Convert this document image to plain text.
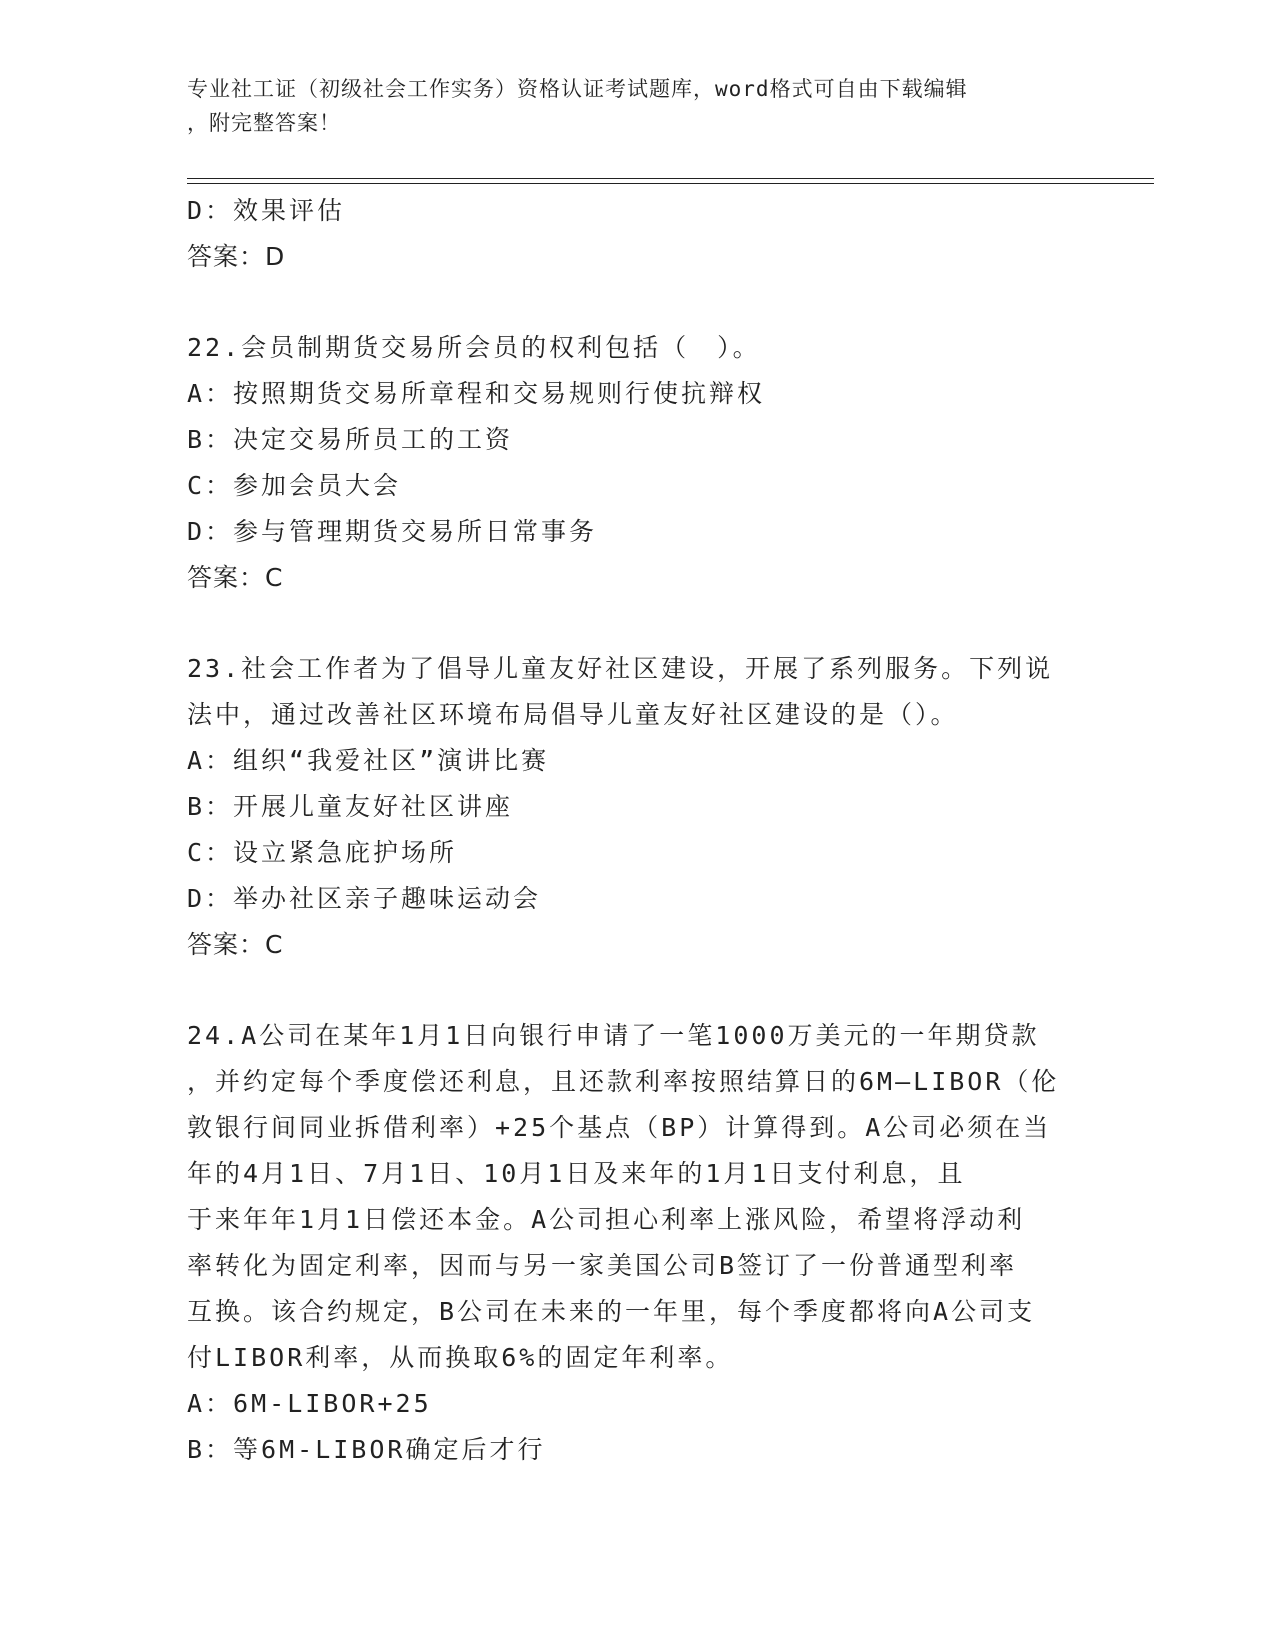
专业社工证（初级社会工作实务）资格认证考试题库，word格式可自由下载编辑
，附完整答案！
D：效果评估
答案：D
22.会员制期货交易所会员的权利包括（　）。
A：按照期货交易所章程和交易规则行使抗辩权
B：决定交易所员工的工资
C：参加会员大会
D：参与管理期货交易所日常事务
答案：C
23.社会工作者为了倡导儿童友好社区建设，开展了系列服务。下列说
法中，通过改善社区环境布局倡导儿童友好社区建设的是（）。
A：组织“我爱社区”演讲比赛
B：开展儿童友好社区讲座
C：设立紧急庇护场所
D：举办社区亲子趣味运动会
答案：C
24.A公司在某年1月1日向银行申请了一笔1000万美元的一年期贷款
，并约定每个季度偿还利息，且还款利率按照结算日的6M—LIBOR（伦
敦银行间同业拆借利率）+25个基点（BP）计算得到。A公司必须在当
年的4月1日、7月1日、10月1日及来年的1月1日支付利息，且
于来年年1月1日偿还本金。A公司担心利率上涨风险，希望将浮动利
率转化为固定利率，因而与另一家美国公司B签订了一份普通型利率
互换。该合约规定，B公司在未来的一年里，每个季度都将向A公司支
付LIBOR利率，从而换取6%的固定年利率。
A：6M-LIBOR+25
B：等6M-LIBOR确定后才行
